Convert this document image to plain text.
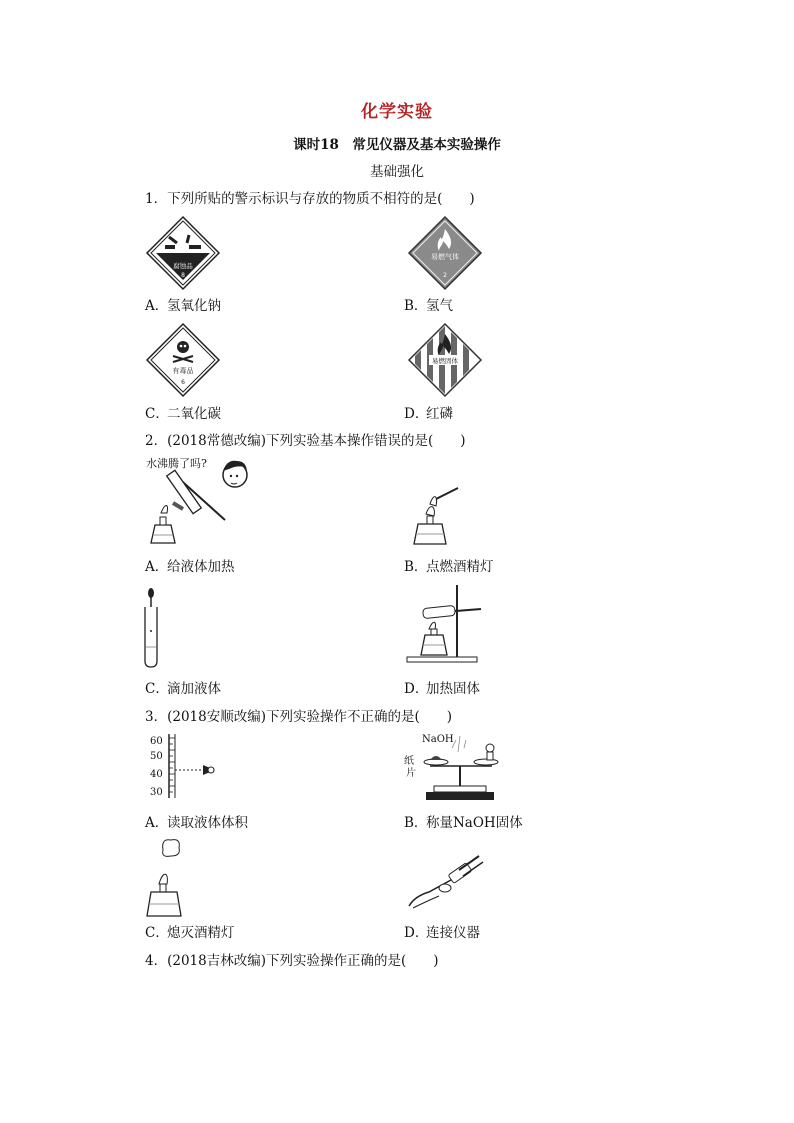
化学实验
课时18　常见仪器及基本实验操作
基础强化
1．下列所贴的警示标识与存放的物质不相符的是(　　)
腐蚀品
8
易燃气体
2
A．氢氧化钠	B．氢气
有毒品
6
易燃固体
C．二氧化碳	D．红磷
2．(2018常德改编)下列实验基本操作错误的是(　　)
水沸腾了吗?
A．给液体加热	B．点燃酒精灯
C．滴加液体	D．加热固体
3．(2018安顺改编)下列实验操作不正确的是(　　)
60
50
40
30
NaOH
纸
片
A．读取液体体积	B．称量NaOH固体
C．熄灭酒精灯	D．连接仪器
4．(2018吉林改编)下列实验操作正确的是(　　)
